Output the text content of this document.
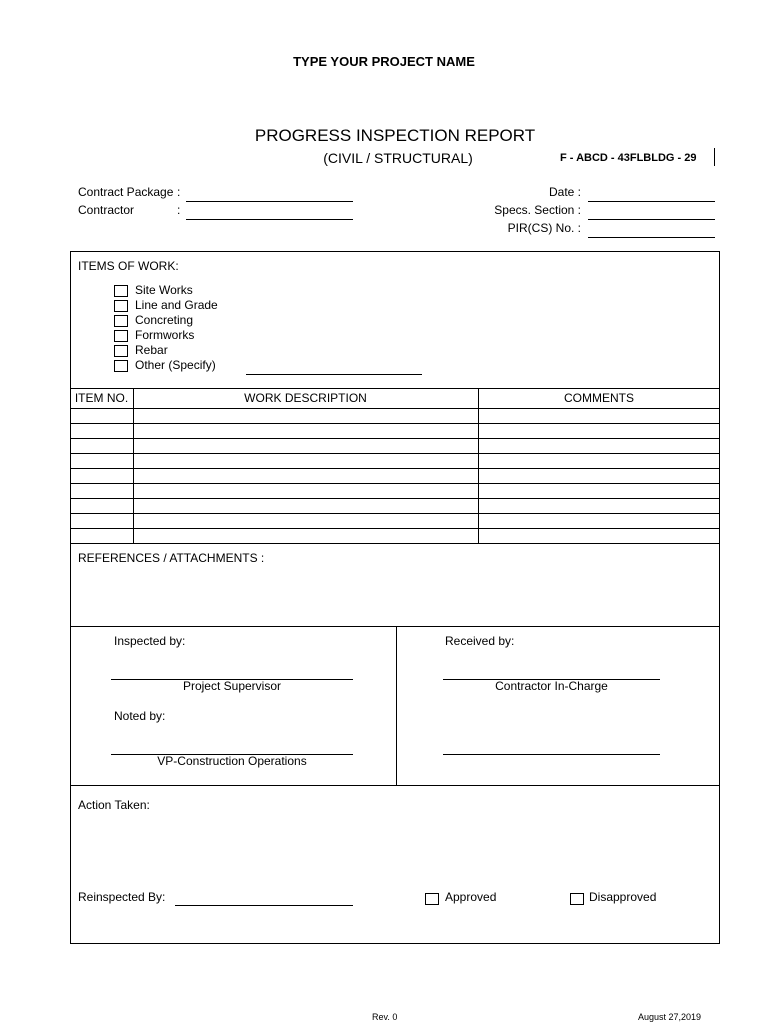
TYPE YOUR PROJECT NAME
PROGRESS INSPECTION REPORT
(CIVIL / STRUCTURAL)	F - ABCD - 43FLBLDG - 29
Contract Package :
Contractor	:
Date :
Specs. Section :
PIR(CS) No. :
ITEMS OF WORK:
Site Works
Line and Grade
Concreting
Formworks
Rebar
Other (Specify)
ITEM NO.	WORK DESCRIPTION	COMMENTS
REFERENCES / ATTACHMENTS :
Inspected by:
Project Supervisor
Noted by:
VP-Construction Operations
Received by:
Contractor In-Charge
Action Taken:
Reinspected By:	Approved	Disapproved
Rev. 0	August 27,2019
